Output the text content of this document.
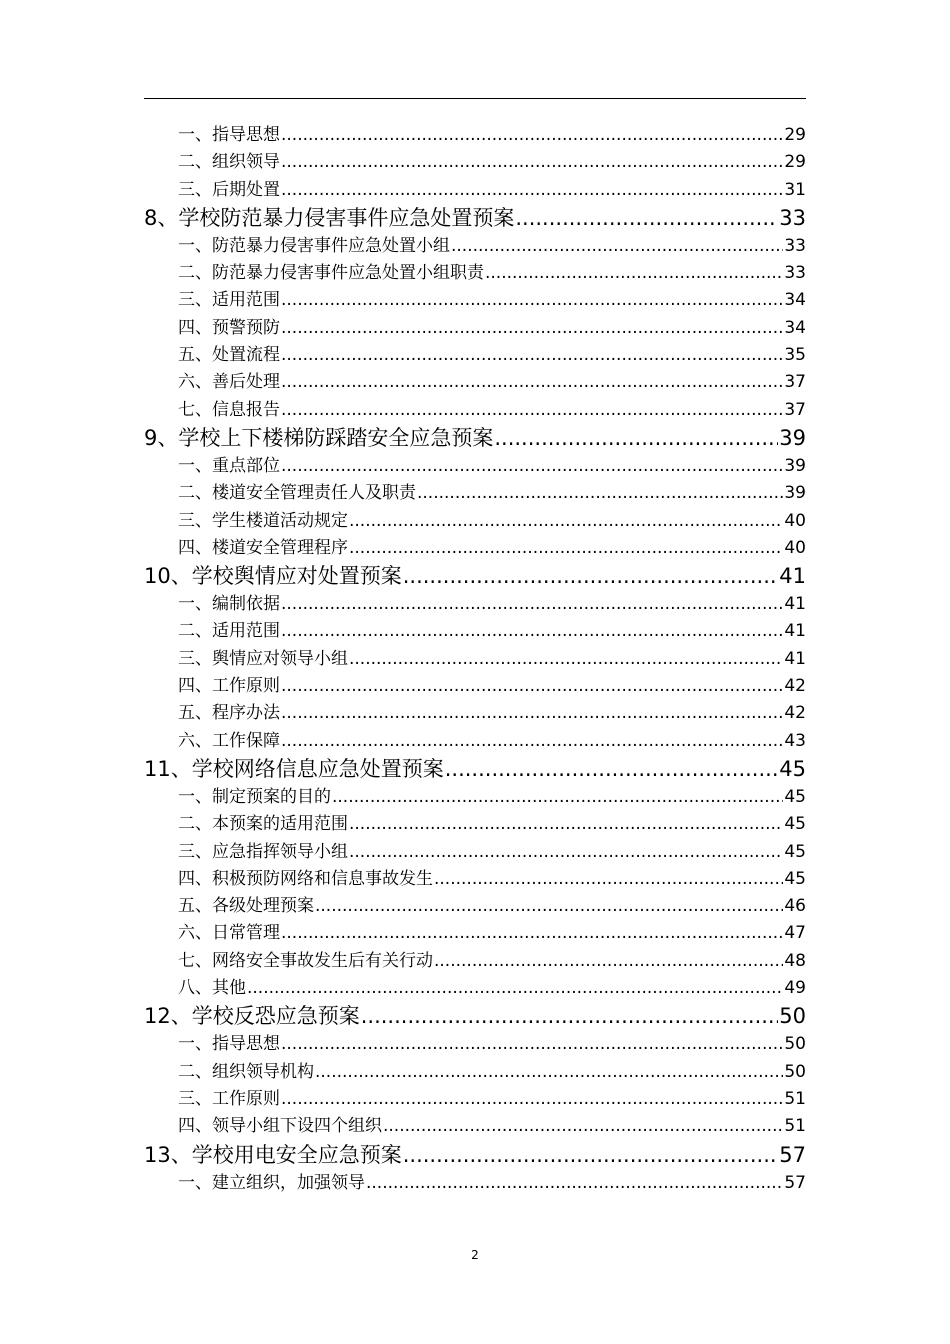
一、指导思想 .....	29
二、组织领导 .....	29
三、后期处置 .....	31
8、学校防范暴力侵害事件应急处置预案 .....	33
一、防范暴力侵害事件应急处置小组 .....	33
二、防范暴力侵害事件应急处置小组职责 .....	33
三、适用范围 .....	34
四、预警预防 .....	34
五、处置流程 .....	35
六、善后处理 .....	37
七、信息报告 .....	37
9、学校上下楼梯防踩踏安全应急预案 .....	39
一、重点部位 .....	39
二、楼道安全管理责任人及职责 .....	39
三、学生楼道活动规定 .....	40
四、楼道安全管理程序 .....	40
10、学校舆情应对处置预案 .....	41
一、编制依据 .....	41
二、适用范围 .....	41
三、舆情应对领导小组 .....	41
四、工作原则 .....	42
五、程序办法 .....	42
六、工作保障 .....	43
11、学校网络信息应急处置预案 .....	45
一、制定预案的目的 .....	45
二、本预案的适用范围 .....	45
三、应急指挥领导小组 .....	45
四、积极预防网络和信息事故发生 .....	45
五、各级处理预案 .....	46
六、日常管理 .....	47
七、网络安全事故发生后有关行动 .....	48
八、其他 .....	49
12、学校反恐应急预案 .....	50
一、指导思想 .....	50
二、组织领导机构 .....	50
三、工作原则 .....	51
四、领导小组下设四个组织 .....	51
13、学校用电安全应急预案 .....	57
一、建立组织，加强领导 .....	57
2
